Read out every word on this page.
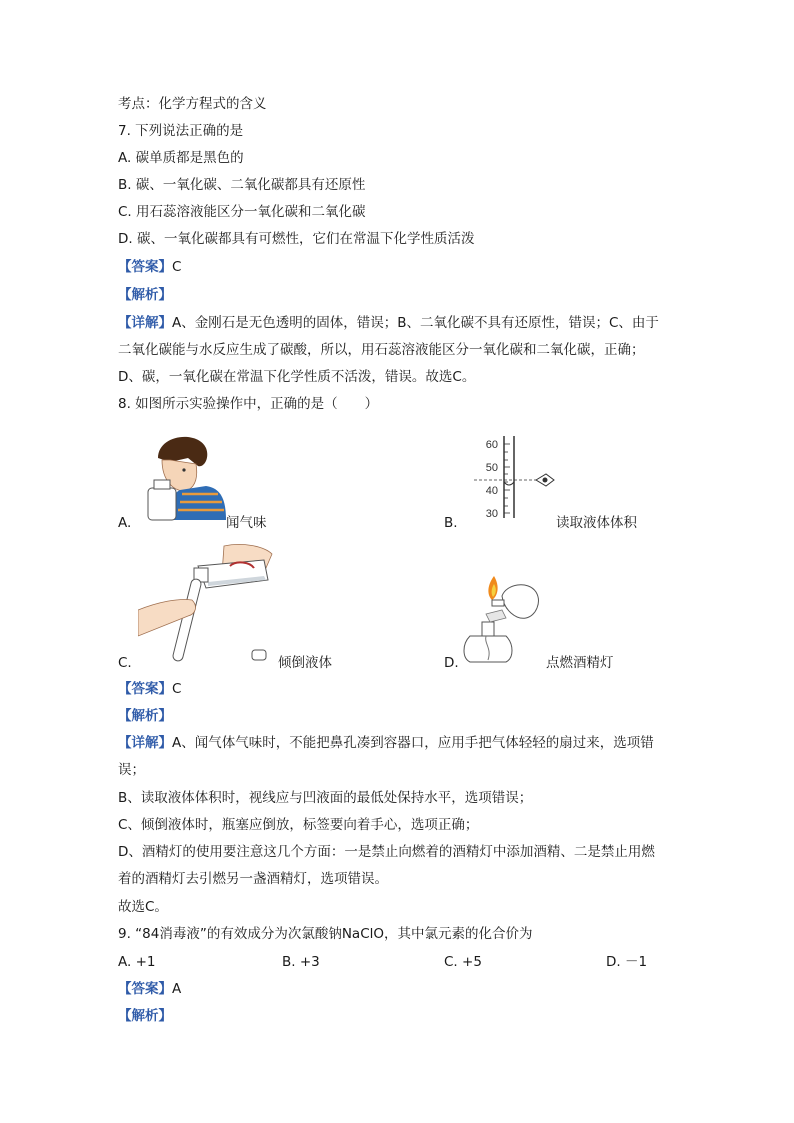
考点：化学方程式的含义
7. 下列说法正确的是
A. 碳单质都是黑色的
B. 碳、一氧化碳、二氧化碳都具有还原性
C. 用石蕊溶液能区分一氧化碳和二氧化碳
D. 碳、一氧化碳都具有可燃性，它们在常温下化学性质活泼
【答案】C
【解析】
【详解】A、金刚石是无色透明的固体，错误；B、二氧化碳不具有还原性，错误；C、由于
二氧化碳能与水反应生成了碳酸，所以，用石蕊溶液能区分一氧化碳和二氧化碳，正确；
D、碳，一氧化碳在常温下化学性质不活泼，错误。故选C。
8. 如图所示实验操作中，正确的是（　　）
A.	闻气味
60
50
40
30
B.	读取液体体积
C.	倾倒液体	D.	点燃酒精灯
【答案】C
【解析】
【详解】A、闻气体气味时，不能把鼻孔凑到容器口，应用手把气体轻轻的扇过来，选项错
误；
B、读取液体体积时，视线应与凹液面的最低处保持水平，选项错误；
C、倾倒液体时，瓶塞应倒放，标签要向着手心，选项正确；
D、酒精灯的使用要注意这几个方面：一是禁止向燃着的酒精灯中添加酒精、二是禁止用燃
着的酒精灯去引燃另一盏酒精灯，选项错误。
故选C。
9. “84消毒液”的有效成分为次氯酸钠NaClO，其中氯元素的化合价为
A. +1	B. +3	C. +5	D. －1
【答案】A
【解析】
